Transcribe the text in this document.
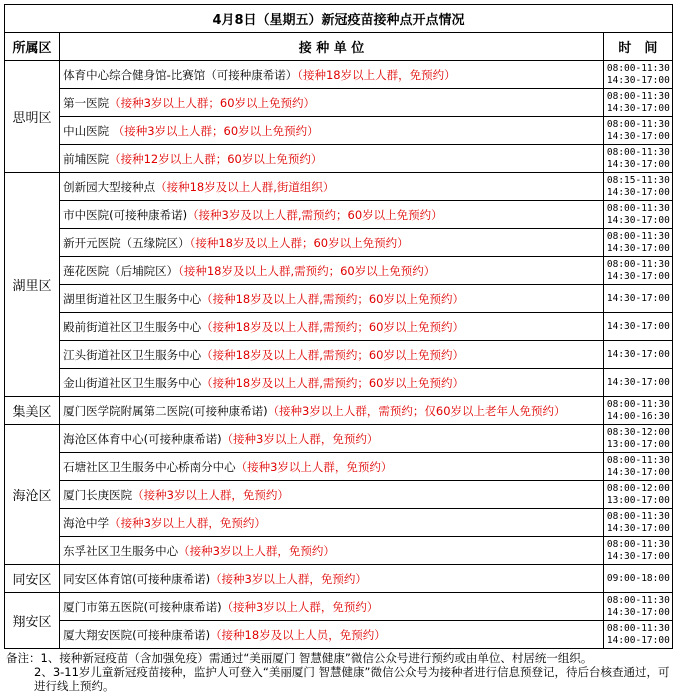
4月8日（星期五）新冠疫苗接种点开点情况		
所属区	接 种 单 位	时　间
思明区	体育中心综合健身馆-比赛馆（可接种康希诺）（接种18岁以上人群，免预约）	08:00-11:30
14:30-17:00

	第一医院（接种3岁以上人群；60岁以上免预约）	08:00-11:30
14:30-17:00

	中山医院 （接种3岁以上人群；60岁以上免预约）	08:00-11:30
14:30-17:00

	前埔医院（接种12岁以上人群；60岁以上免预约）	08:00-11:30
14:30-17:00

湖里区	创新园大型接种点（接种18岁及以上人群,街道组织）	08:15-11:30
14:30-17:00

	市中医院(可接种康希诺)（接种3岁及以上人群,需预约；60岁以上免预约）	08:00-11:30
14:30-17:00

	新开元医院（五缘院区）（接种18岁及以上人群；60岁以上免预约）	08:00-11:30
14:30-17:00

	莲花医院（后埔院区）（接种18岁及以上人群,需预约；60岁以上免预约）	08:00-11:30
14:30-17:00

	湖里街道社区卫生服务中心（接种18岁及以上人群,需预约；60岁以上免预约）	14:30-17:00

	殿前街道社区卫生服务中心（接种18岁及以上人群,需预约；60岁以上免预约）	14:30-17:00

	江头街道社区卫生服务中心（接种18岁及以上人群,需预约；60岁以上免预约）	14:30-17:00

	金山街道社区卫生服务中心（接种18岁及以上人群,需预约；60岁以上免预约）	14:30-17:00

集美区	厦门医学院附属第二医院(可接种康希诺)（接种3岁以上人群，需预约；仅60岁以上老年人免预约）	08:00-11:30
14:00-16:30

海沧区	海沧区体育中心(可接种康希诺)（接种3岁以上人群，免预约）	08:30-12:00
13:00-17:00

	石塘社区卫生服务中心桥南分中心（接种3岁以上人群，免预约）	08:00-11:30
14:30-17:00

	厦门长庚医院（接种3岁以上人群，免预约）	08:00-12:00
13:00-17:00

	海沧中学（接种3岁以上人群，免预约）	08:00-11:30
14:30-17:00

	东孚社区卫生服务中心（接种3岁以上人群，免预约）	08:00-11:30
14:30-17:00

同安区	同安区体育馆(可接种康希诺)（接种3岁以上人群，免预约）	09:00-18:00

翔安区	厦门市第五医院(可接种康希诺)（接种3岁以上人群，免预约）	08:00-11:30
14:30-17:00

	厦大翔安医院(可接种康希诺)（接种18岁及以上人员，免预约）	08:00-11:30
14:00-17:00
备注：1、接种新冠疫苗（含加强免疫）需通过“美丽厦门 智慧健康”微信公众号进行预约或由单位、村居统一组织。
2、3-11岁儿童新冠疫苗接种，监护人可登入“美丽厦门 智慧健康”微信公众号为接种者进行信息预登记，待后台核查通过，可进行线上预约。
